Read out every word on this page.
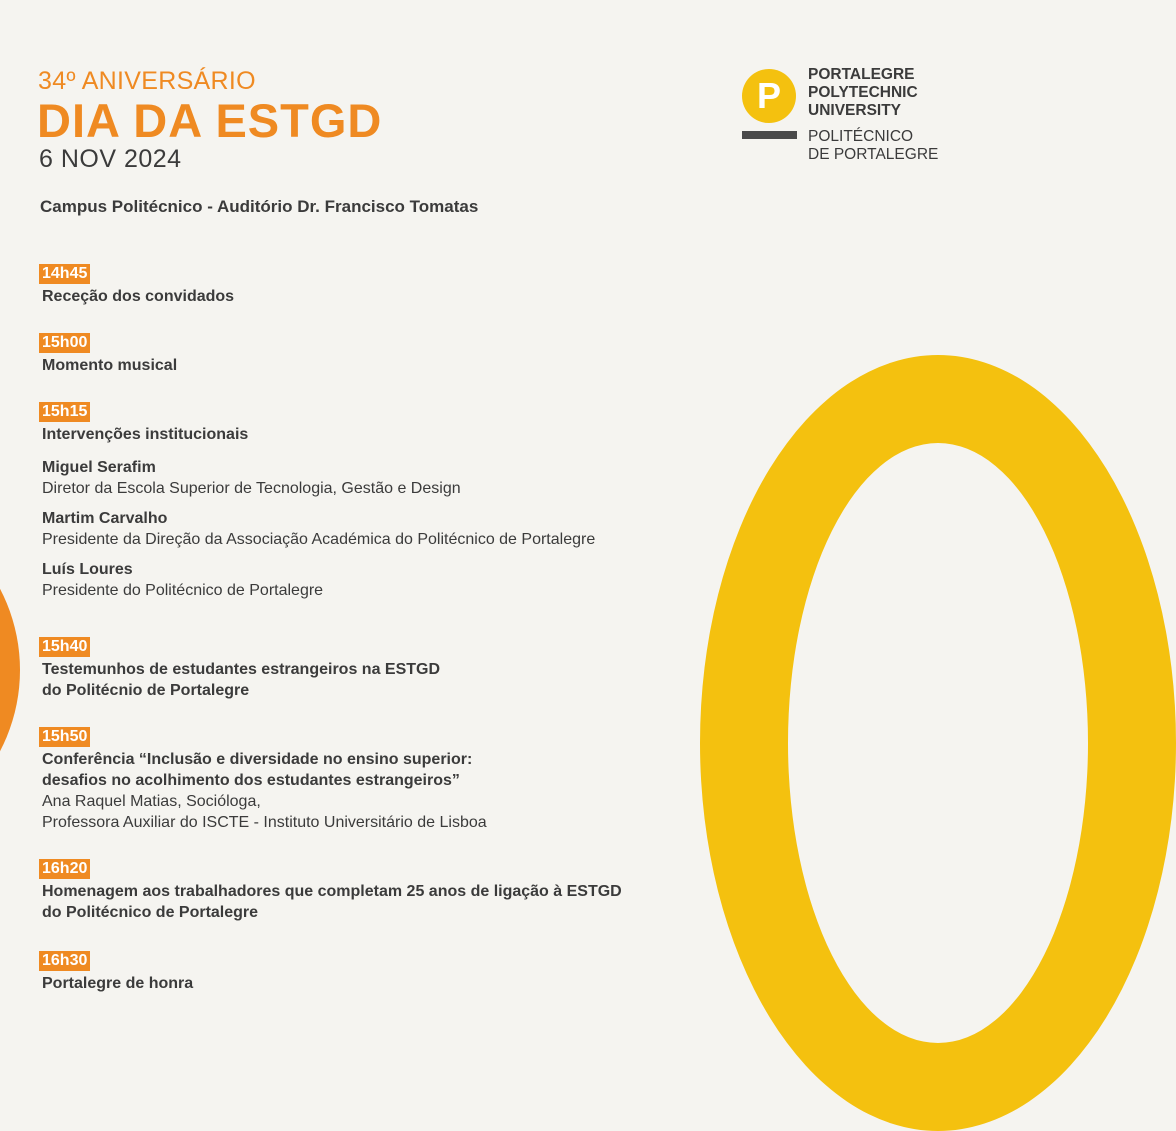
34º ANIVERSÁRIO
DIA DA ESTGD
6 NOV 2024
Campus Politécnico - Auditório Dr. Francisco Tomatas
P
PORTALEGRE
POLYTECHNIC
UNIVERSITY
POLITÉCNICO
DE PORTALEGRE
14h45
Receção dos convidados
15h00
Momento musical
15h15
Intervenções institucionais
Miguel Serafim
Diretor da Escola Superior de Tecnologia, Gestão e Design
Martim Carvalho
Presidente da Direção da Associação Académica do Politécnico de Portalegre
Luís Loures
Presidente do Politécnico de Portalegre
15h40
Testemunhos de estudantes estrangeiros na ESTGD
do Politécnio de Portalegre
15h50
Conferência “Inclusão e diversidade no ensino superior:
desafios no acolhimento dos estudantes estrangeiros”
Ana Raquel Matias, Socióloga,
Professora Auxiliar do ISCTE - Instituto Universitário de Lisboa
16h20
Homenagem aos trabalhadores que completam 25 anos de ligação à ESTGD
do Politécnico de Portalegre
16h30
Portalegre de honra
